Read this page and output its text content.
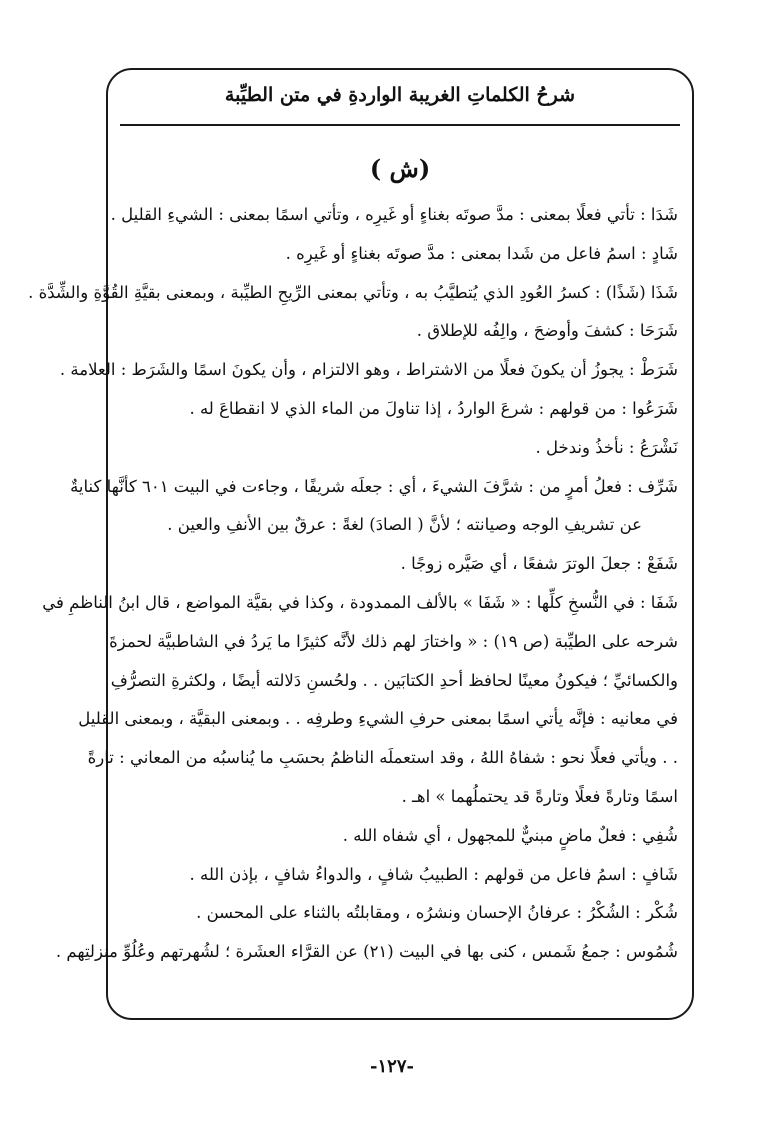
شرحُ الكلماتِ الغريبة الواردةِ في متن الطيِّبة
(ش )
شَدَا : تأتي فعلًا بمعنى : مدَّ صوتَه بغناءٍ أو غَيرِه ، وتأتي اسمًا بمعنى : الشيءِ القليل .
شَادٍ : اسمُ فاعل من شَدا بمعنى : مدَّ صوتَه بغناءٍ أو غَيرِه .
شَذَا (شَذًا) : كسرُ العُودِ الذي يُتطيَّبُ به ، وتأتي بمعنى الرِّيحِ الطيِّبة ، وبمعنى بقيَّةِ القُوَّةِ والشِّدَّة .
شَرَحَا : كشفَ وأوضحَ ، والِفُه للإطلاق .
شَرَطْ : يجوزُ أن يكونَ فعلًا من الاشتراط ، وهو الالتزام ، وأن يكونَ اسمًا والشَرَط : العلامة .
شَرَعُوا : من قولهم : شرعَ الواردُ ، إذا تناولَ من الماء الذي لا انقطاعَ له .
نَشْرَعُ : نأخذُ وندخل .
شَرِّف : فعلُ أمرٍ من : شرَّفَ الشيءَ ، أي : جعلَه شريفًا ، وجاءت في البيت ٦٠١ كأنَّها كنايةٌ
عن تشريفِ الوجه وصيانته ؛ لأنَّ ( الصادَ) لغةً : عرقٌ بين الأنفِ والعين .
شَفَعْ : جعلَ الوترَ شفعًا ، أي صَيَّره زوجًا .
شَفَا : في النُّسخِ كلِّها : « شَفَا » بالألف الممدودة ، وكذا في بقيَّة المواضع ، قال ابنُ الناظمِ في
شرحه على الطيِّبة (ص ١٩) : « واختارَ لهم ذلك لأنَّه كثيرًا ما يَردُ في الشاطبيَّة لحمزةَ
والكسائيِّ ؛ فيكونُ معينًا لحافظ أحدِ الكتابَين . . ولحُسنِ دَلالته أيضًا ، ولكثرةِ التصرُّفِ
في معانيه : فإنَّه يأتي اسمًا بمعنى حرفِ الشيءِ وطرفِه . . وبمعنى البقيَّة ، وبمعنى القليل
. . ويأتي فعلًا نحو : شفاهُ اللهُ ، وقد استعملَه الناظمُ بحسَبِ ما يُناسبُه من المعاني : تارةً
اسمًا وتارةً فعلًا وتارةً قد يحتملُهما » اهـ .
شُفِي : فعلٌ ماضٍ مبنيٌّ للمجهول ، أي شفاه الله .
شَافٍ : اسمُ فاعل من قولهم : الطبيبُ شافٍ ، والدواءُ شافٍ ، بإذن الله .
شُكْر : الشُكْرُ : عرفانُ الإحسان ونشرُه ، ومقابلتُه بالثناء على المحسن .
شُمُوس : جمعُ شَمس ، كنى بها في البيت (٢١) عن القرَّاء العشَرة ؛ لشُهرتهم وعُلُوِّ منزلتِهم .
-١٢٧-
